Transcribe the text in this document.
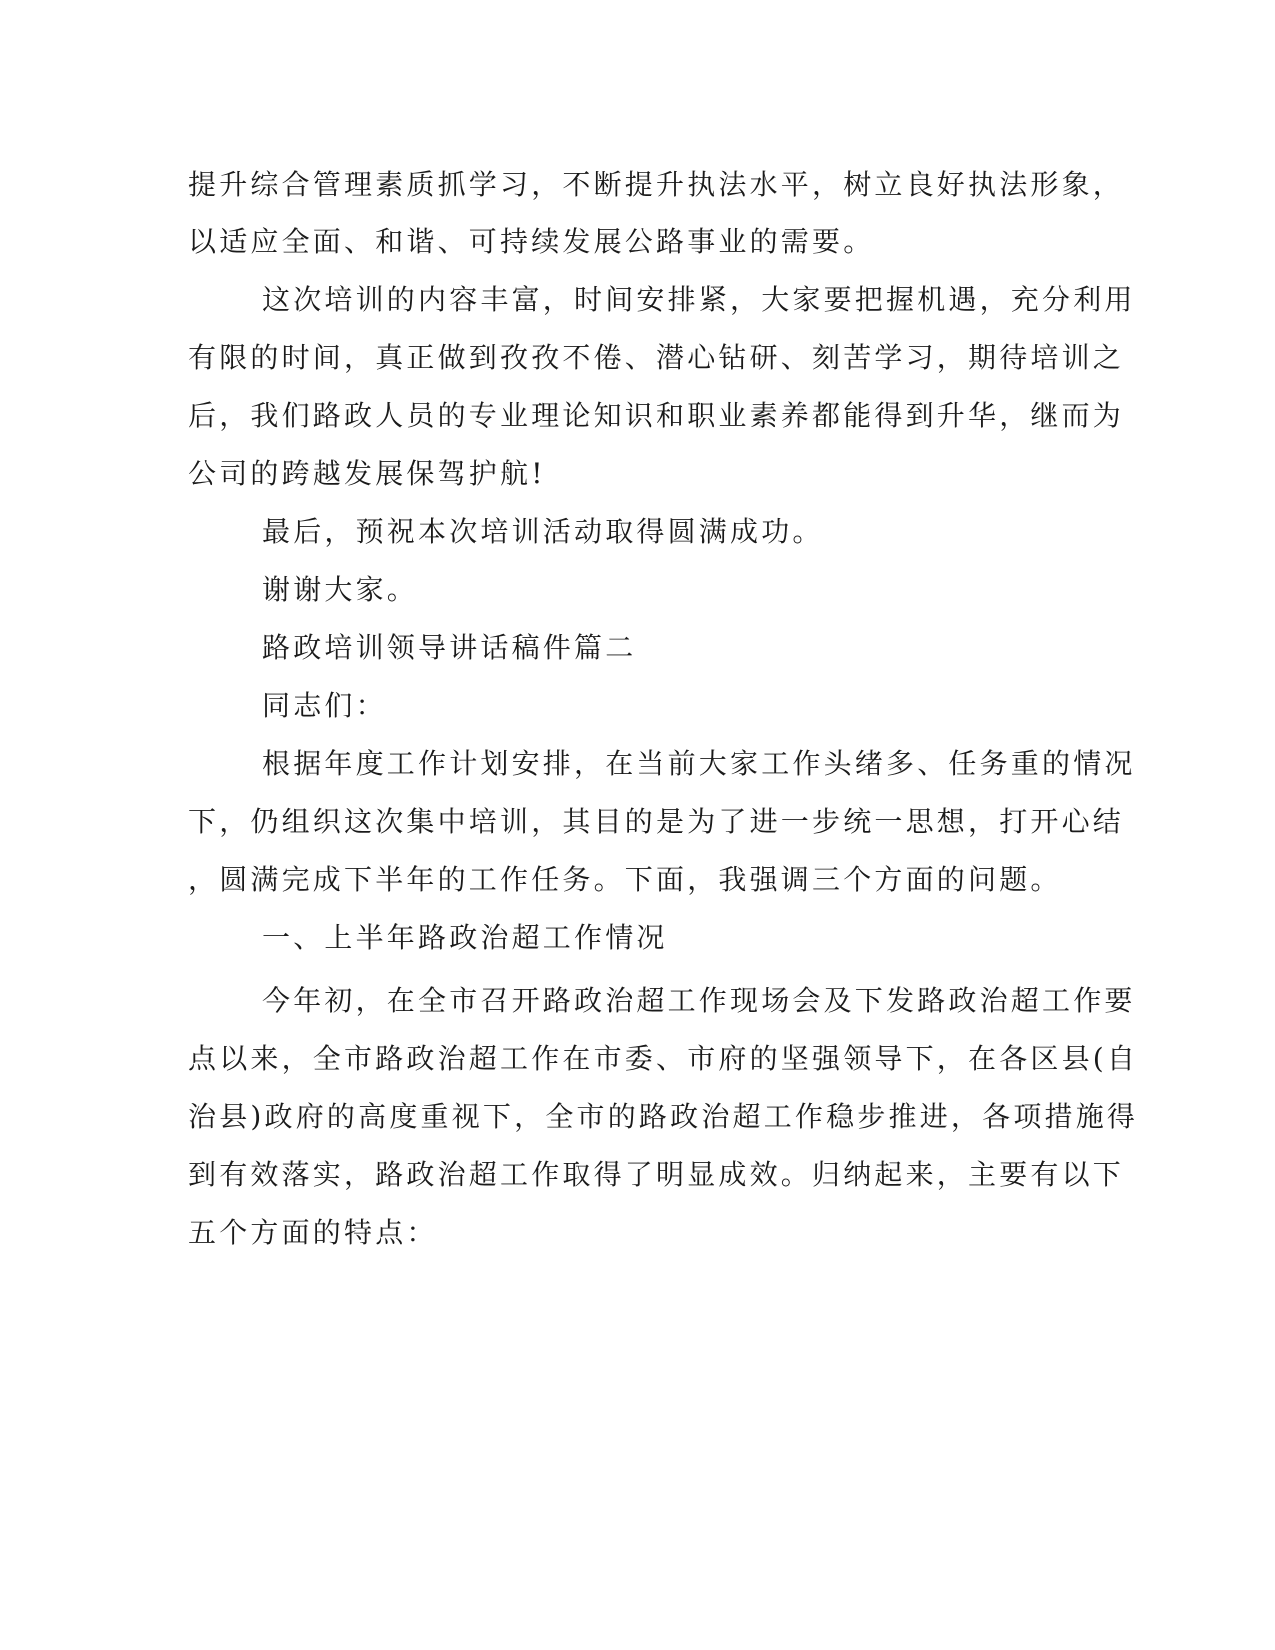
提升综合管理素质抓学习，不断提升执法水平，树立良好执法形象，
以适应全面、和谐、可持续发展公路事业的需要。
这次培训的内容丰富，时间安排紧，大家要把握机遇，充分利用
有限的时间，真正做到孜孜不倦、潜心钻研、刻苦学习，期待培训之
后，我们路政人员的专业理论知识和职业素养都能得到升华，继而为
公司的跨越发展保驾护航!
最后，预祝本次培训活动取得圆满成功。
谢谢大家。
路政培训领导讲话稿件篇二
同志们：
根据年度工作计划安排，在当前大家工作头绪多、任务重的情况
下，仍组织这次集中培训，其目的是为了进一步统一思想，打开心结
，圆满完成下半年的工作任务。下面，我强调三个方面的问题。
一、上半年路政治超工作情况
今年初，在全市召开路政治超工作现场会及下发路政治超工作要
点以来，全市路政治超工作在市委、市府的坚强领导下，在各区县(自
治县)政府的高度重视下，全市的路政治超工作稳步推进，各项措施得
到有效落实，路政治超工作取得了明显成效。归纳起来，主要有以下
五个方面的特点：
